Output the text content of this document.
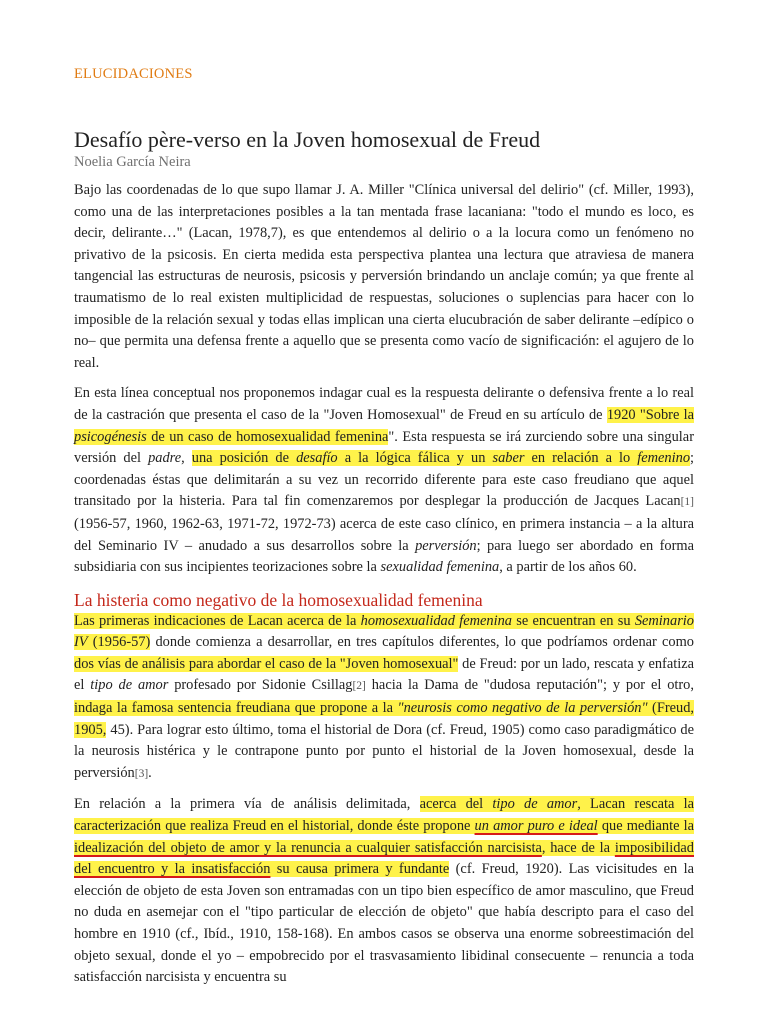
ELUCIDACIONES
Desafío père-verso en la Joven homosexual de Freud
Noelia García Neira

Bajo las coordenadas de lo que supo llamar J. A. Miller "Clínica universal del delirio" (cf. Miller, 1993), como una de las interpretaciones posibles a la tan mentada frase lacaniana: "todo el mundo es loco, es decir, delirante…" (Lacan, 1978,7), es que entendemos al delirio o a la locura como un fenómeno no privativo de la psicosis. En cierta medida esta perspectiva plantea una lectura que atraviesa de manera tangencial las estructuras de neurosis, psicosis y perversión brindando un anclaje común; ya que frente al traumatismo de lo real existen multiplicidad de respuestas, soluciones o suplencias para hacer con lo imposible de la relación sexual y todas ellas implican una cierta elucubración de saber delirante –edípico o no– que permita una defensa frente a aquello que se presenta como vacío de significación: el agujero de lo real.

En esta línea conceptual nos proponemos indagar cual es la respuesta delirante o defensiva frente a lo real de la castración que presenta el caso de la "Joven Homosexual" de Freud en su artículo de 1920 "Sobre la psicogénesis de un caso de homosexualidad femenina". Esta respuesta se irá zurciendo sobre una singular versión del padre, una posición de desafío a la lógica fálica y un saber en relación a lo femenino; coordenadas éstas que delimitarán a su vez un recorrido diferente para este caso freudiano que aquel transitado por la histeria. Para tal fin comenzaremos por desplegar la producción de Jacques Lacan[1] (1956-57, 1960, 1962-63, 1971-72, 1972-73) acerca de este caso clínico, en primera instancia – a la altura del Seminario IV – anudado a sus desarrollos sobre la perversión; para luego ser abordado en forma subsidiaria con sus incipientes teorizaciones sobre la sexualidad femenina, a partir de los años 60.

La histeria como negativo de la homosexualidad femenina

Las primeras indicaciones de Lacan acerca de la homosexualidad femenina se encuentran en su Seminario IV (1956-57) donde comienza a desarrollar, en tres capítulos diferentes, lo que podríamos ordenar como dos vías de análisis para abordar el caso de la "Joven homosexual" de Freud: por un lado, rescata y enfatiza el tipo de amor profesado por Sidonie Csillag[2] hacia la Dama de "dudosa reputación"; y por el otro, indaga la famosa sentencia freudiana que propone a la "neurosis como negativo de la perversión" (Freud, 1905, 45). Para lograr esto último, toma el historial de Dora (cf. Freud, 1905) como caso paradigmático de la neurosis histérica y le contrapone punto por punto el historial de la Joven homosexual, desde la perversión[3].

En relación a la primera vía de análisis delimitada, acerca del tipo de amor, Lacan rescata la caracterización que realiza Freud en el historial, donde éste propone un amor puro e ideal que mediante la idealización del objeto de amor y la renuncia a cualquier satisfacción narcisista, hace de la imposibilidad del encuentro y la insatisfacción su causa primera y fundante (cf. Freud, 1920). Las vicisitudes en la elección de objeto de esta Joven son entramadas con un tipo bien específico de amor masculino, que Freud no duda en asemejar con el "tipo particular de elección de objeto" que había descripto para el caso del hombre en 1910 (cf., Ibíd., 1910, 158-168). En ambos casos se observa una enorme sobreestimación del objeto sexual, donde el yo – empobrecido por el trasvasamiento libidinal consecuente – renuncia a toda satisfacción narcisista y encuentra su
